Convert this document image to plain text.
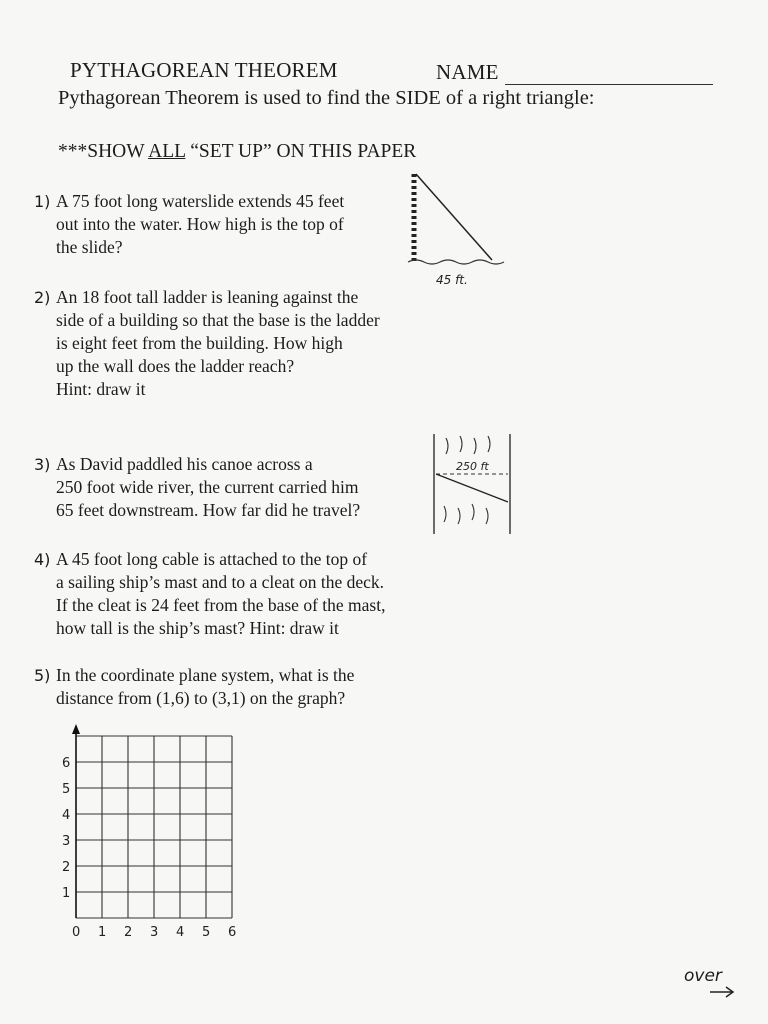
PYTHAGOREAN THEOREM	NAME
Pythagorean Theorem is used to find the SIDE of a right triangle:
***SHOW ALL “SET UP” ON THIS PAPER
1) A 75 foot long waterslide extends 45 feet
out into the water. How high is the top of
the slide?
45 ft.
2) An 18 foot tall ladder is leaning against the
side of a building so that the base is the ladder
is eight feet from the building. How high
up the wall does the ladder reach?
Hint: draw it
3) As David paddled his canoe across a
250 foot wide river, the current carried him
65 feet downstream. How far did he travel?
250 ft
4) A 45 foot long cable is attached to the top of
a sailing ship’s mast and to a cleat on the deck.
If the cleat is 24 feet from the base of the mast,
how tall is the ship’s mast? Hint: draw it
5) In the coordinate plane system, what is the
distance from (1,6) to (3,1) on the graph?
0 1 2 3 4 5 6
1
2
3
4
5
6
over
